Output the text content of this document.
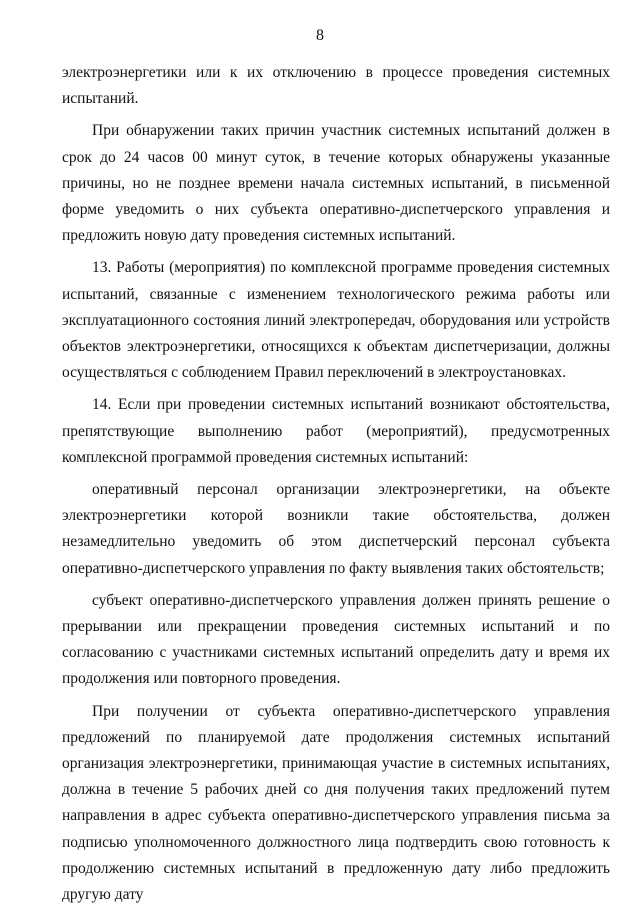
8

электроэнергетики или к их отключению в процессе проведения системных испытаний.

При обнаружении таких причин участник системных испытаний должен в срок до 24 часов 00 минут суток, в течение которых обнаружены указанные причины, но не позднее времени начала системных испытаний, в письменной форме уведомить о них субъекта оперативно-диспетчерского управления и предложить новую дату проведения системных испытаний.

13. Работы (мероприятия) по комплексной программе проведения системных испытаний, связанные с изменением технологического режима работы или эксплуатационного состояния линий электропередач, оборудования или устройств объектов электроэнергетики, относящихся к объектам диспетчеризации, должны осуществляться с соблюдением Правил переключений в электроустановках.

14. Если при проведении системных испытаний возникают обстоятельства, препятствующие выполнению работ (мероприятий), предусмотренных комплексной программой проведения системных испытаний:

оперативный персонал организации электроэнергетики, на объекте электроэнергетики которой возникли такие обстоятельства, должен незамедлительно уведомить об этом диспетчерский персонал субъекта оперативно-диспетчерского управления по факту выявления таких обстоятельств;

субъект оперативно-диспетчерского управления должен принять решение о прерывании или прекращении проведения системных испытаний и по согласованию с участниками системных испытаний определить дату и время их продолжения или повторного проведения.

При получении от субъекта оперативно-диспетчерского управления предложений по планируемой дате продолжения системных испытаний организация электроэнергетики, принимающая участие в системных испытаниях, должна в течение 5 рабочих дней со дня получения таких предложений путем направления в адрес субъекта оперативно-диспетчерского управления письма за подписью уполномоченного должностного лица подтвердить свою готовность к продолжению системных испытаний в предложенную дату либо предложить другую дату
